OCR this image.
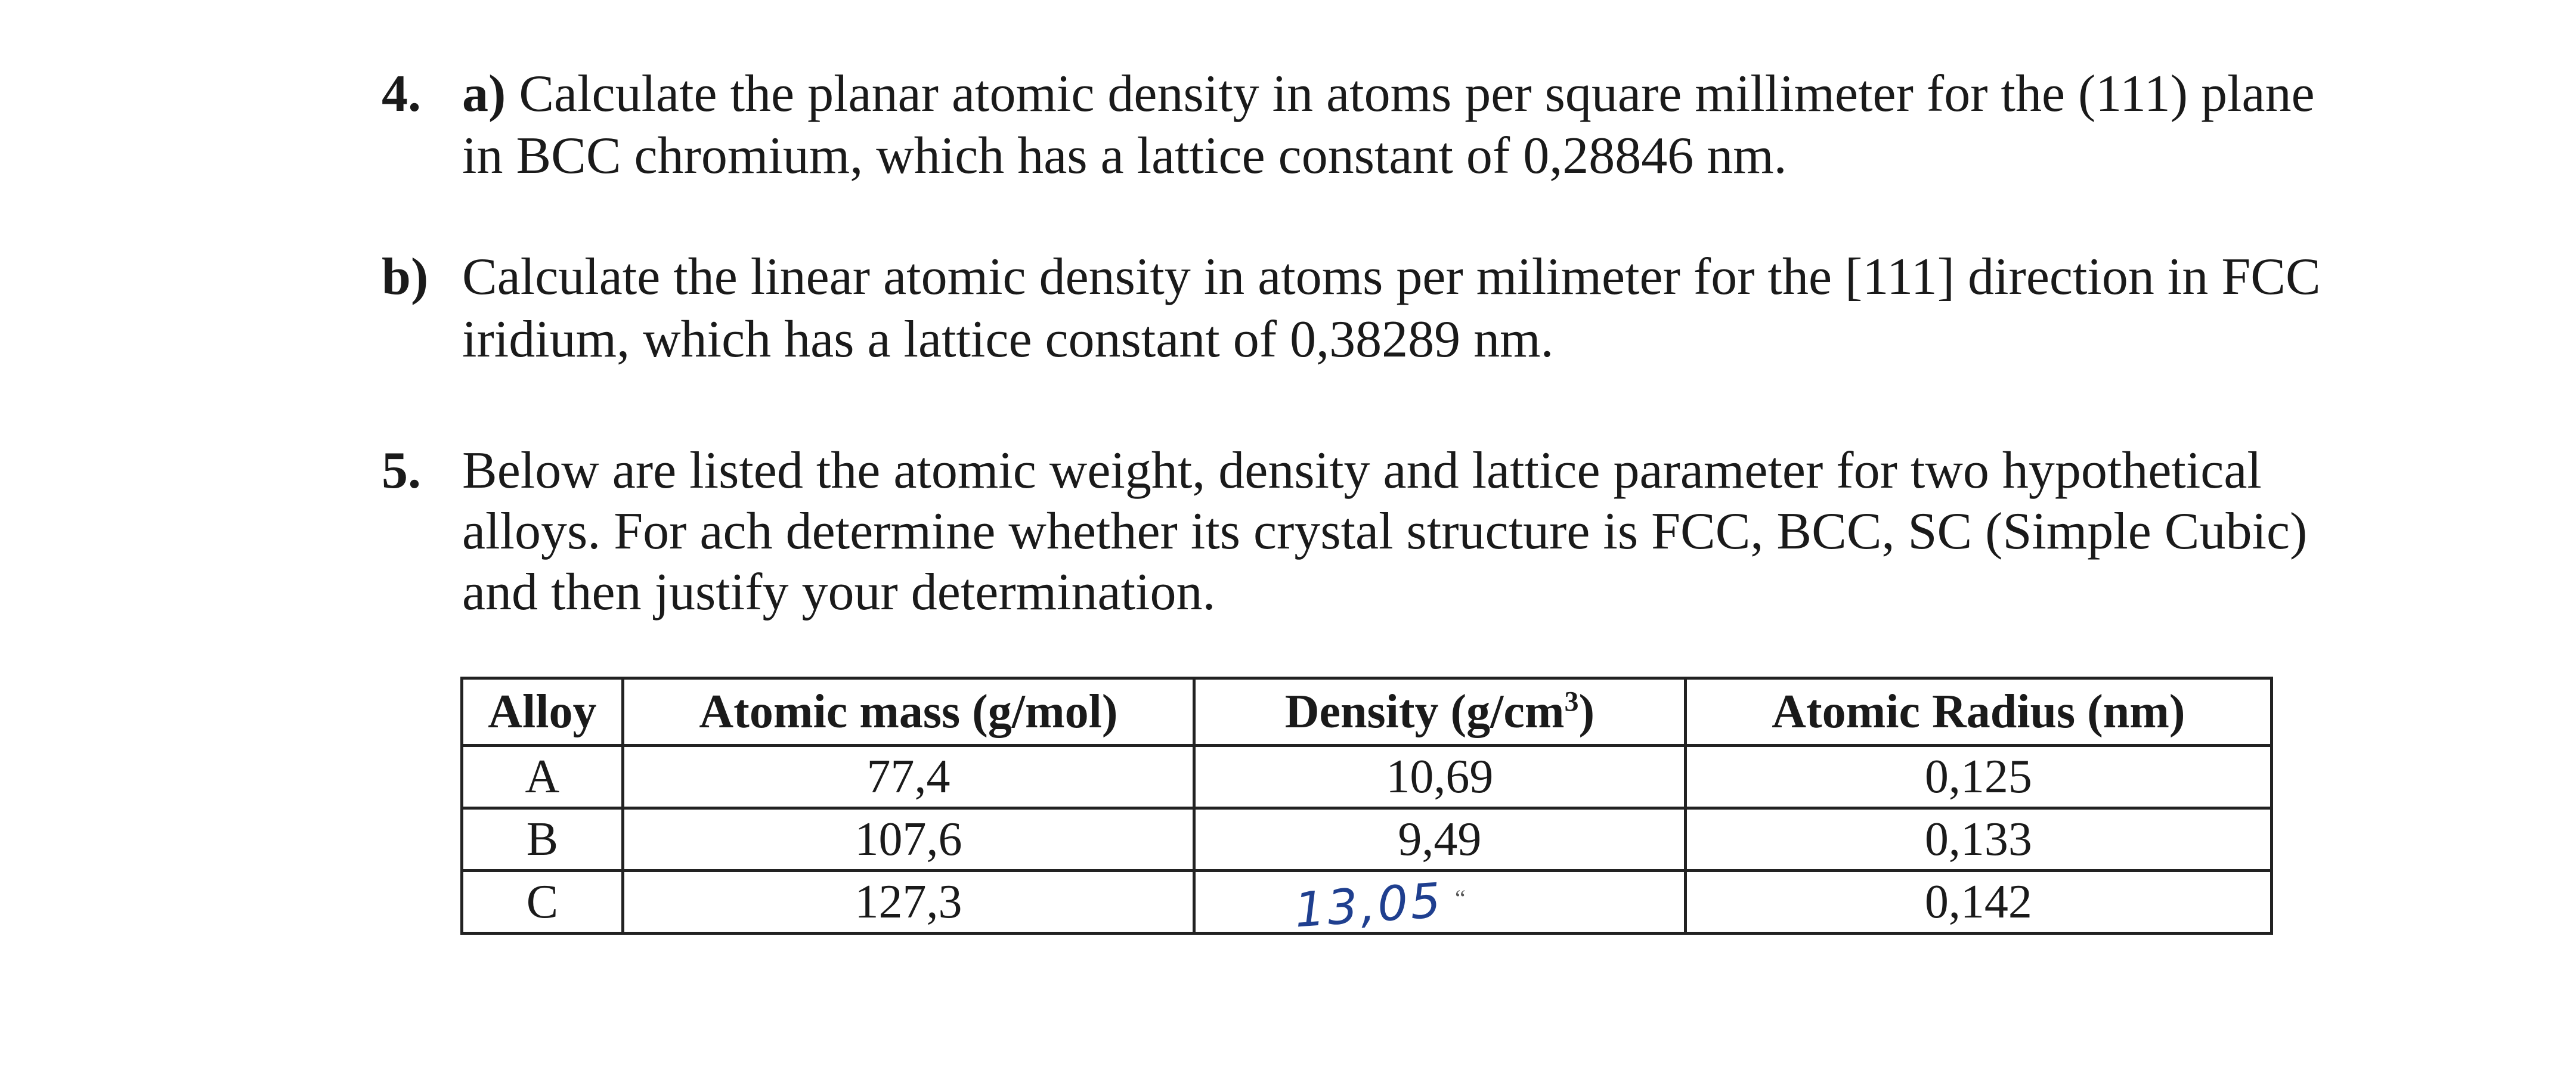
4. a) Calculate the planar atomic density in atoms per square millimeter for the (111) plane
in BCC chromium, which has a lattice constant of 0,28846 nm.
b) Calculate the linear atomic density in atoms per milimeter for the [111] direction in FCC
iridium, which has a lattice constant of 0,38289 nm.
5. Below are listed the atomic weight, density and lattice parameter for two hypothetical
alloys. For ach determine whether its crystal structure is FCC, BCC, SC (Simple Cubic)
and then justify your determination.
Alloy	Atomic mass (g/mol)	Density $(g/cm^3)$	Atomic Radius (nm)
A	77,4	10,69	0,125
B	107,6	9,49	0,133
C	127,3	13,05 “	0,142
